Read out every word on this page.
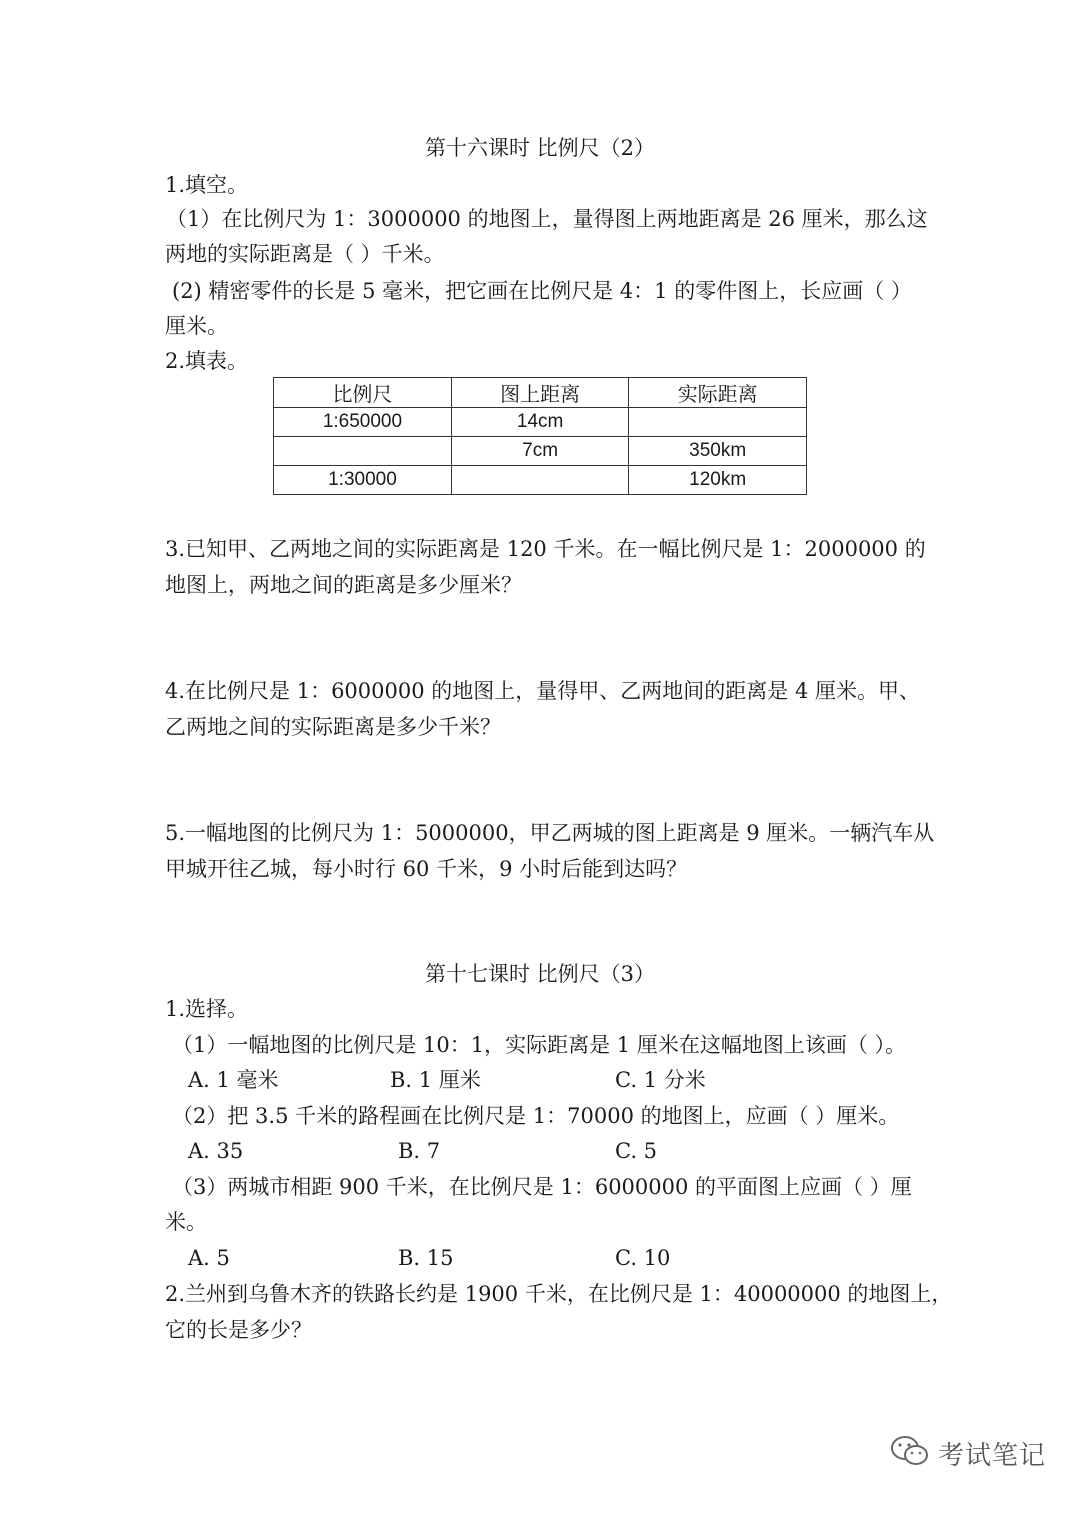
第十六课时 比例尺（2）
1.填空。
（1）在比例尺为 1：3000000 的地图上，量得图上两地距离是 26 厘米，那么这
两地的实际距离是（ ）千米。
(2) 精密零件的长是 5 毫米，把它画在比例尺是 4：1 的零件图上，长应画（ ）
厘米。
2.填表。
比例尺	图上距离	实际距离
1:650000	14cm	
	7cm	350km
1:30000		120km
3.已知甲、乙两地之间的实际距离是 120 千米。在一幅比例尺是 1：2000000 的
地图上，两地之间的距离是多少厘米？
4.在比例尺是 1：6000000 的地图上，量得甲、乙两地间的距离是 4 厘米。甲、
乙两地之间的实际距离是多少千米？
5.一幅地图的比例尺为 1：5000000，甲乙两城的图上距离是 9 厘米。一辆汽车从
甲城开往乙城，每小时行 60 千米，9 小时后能到达吗？
第十七课时 比例尺（3）
1.选择。
（1）一幅地图的比例尺是 10：1，实际距离是 1 厘米在这幅地图上该画（ ）。
A. 1 毫米	B. 1 厘米	C. 1 分米
（2）把 3.5 千米的路程画在比例尺是 1：70000 的地图上，应画（ ）厘米。
A. 35	B. 7	C. 5
（3）两城市相距 900 千米，在比例尺是 1：6000000 的平面图上应画（ ）厘
米。
A. 5	B. 15	C. 10
2.兰州到乌鲁木齐的铁路长约是 1900 千米，在比例尺是 1：40000000 的地图上，
它的长是多少？
考试笔记
